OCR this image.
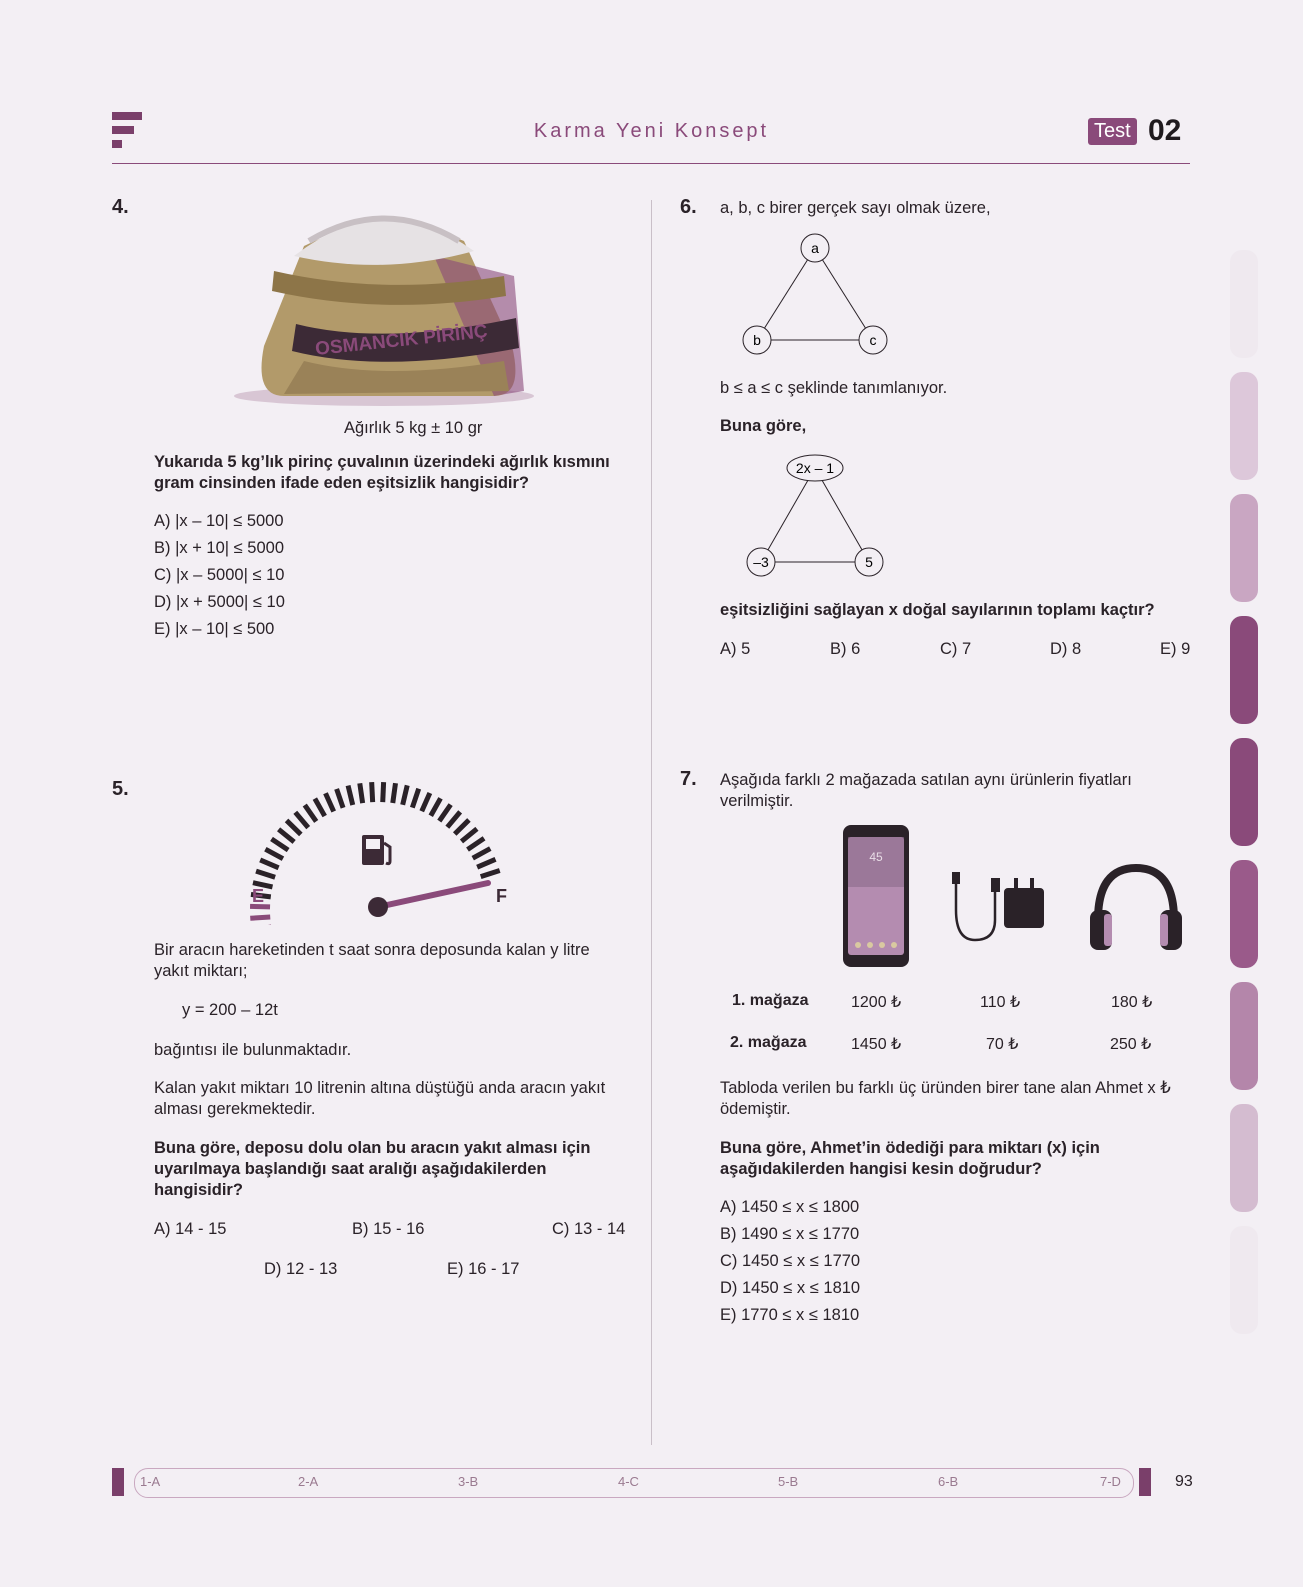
Karma Yeni Konsept	Test 02
4.
OSMANCIK PİRİNÇ
Ağırlık 5 kg ± 10 gr
Yukarıda 5 kg’lık pirinç çuvalının üzerindeki ağırlık kısmını gram cinsinden ifade eden eşitsizlik hangisidir?
A) |x – 10| ≤ 5000
B) |x + 10| ≤ 5000
C) |x – 5000| ≤ 10
D) |x + 5000| ≤ 10
E) |x – 10| ≤ 500
5.
E	F
Bir aracın hareketinden t saat sonra deposunda kalan y litre yakıt miktarı;
y = 200 – 12t
bağıntısı ile bulunmaktadır.
Kalan yakıt miktarı 10 litrenin altına düştüğü anda aracın yakıt alması gerekmektedir.
Buna göre, deposu dolu olan bu aracın yakıt alması için uyarılmaya başlandığı saat aralığı aşağıdakilerden hangisidir?
A) 14 - 15	B) 15 - 16	C) 13 - 14
D) 12 - 13	E) 16 - 17
6. a, b, c birer gerçek sayı olmak üzere,
a
b	c
b ≤ a ≤ c şeklinde tanımlanıyor.
Buna göre,
2x – 1
–3	5
eşitsizliğini sağlayan x doğal sayılarının toplamı kaçtır?
A) 5	B) 6	C) 7	D) 8	E) 9
7. Aşağıda farklı 2 mağazada satılan aynı ürünlerin fiyatları verilmiştir.
45
1. mağaza	1200 ₺	110 ₺	180 ₺
2. mağaza	1450 ₺	70 ₺	250 ₺
Tabloda verilen bu farklı üç üründen birer tane alan Ahmet x ₺ ödemiştir.
Buna göre, Ahmet’in ödediği para miktarı (x) için aşağıdakilerden hangisi kesin doğrudur?
A) 1450 ≤ x ≤ 1800
B) 1490 ≤ x ≤ 1770
C) 1450 ≤ x ≤ 1770
D) 1450 ≤ x ≤ 1810
E) 1770 ≤ x ≤ 1810
1-A	2-A	3-B	4-C	5-B	6-B	7-D	93
